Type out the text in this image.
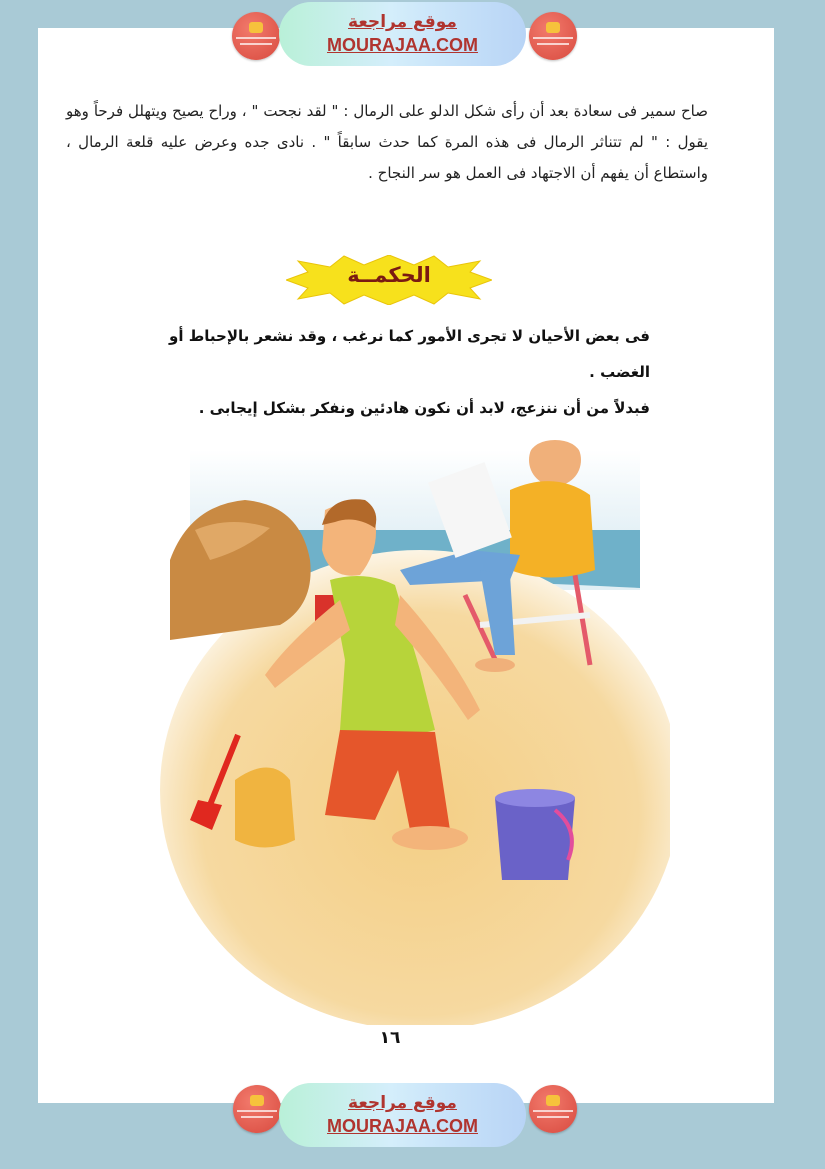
موقع مراجعة
MOURAJAA.COM
صاح سمير فى سعادة بعد أن رأى شكل الدلو على الرمال : " لقد نجحت " ، وراح يصيح ويتهلل فرحاً وهو يقول : " لم تتناثر الرمال فى هذه المرة كما حدث سابقاً " . نادى جده وعرض عليه قلعة الرمال ، واستطاع أن يفهم أن الاجتهاد فى العمل هو سر النجاح .
الحكمــة
فى بعض الأحيان لا تجرى الأمور كما نرغب ، وقد نشعر بالإحباط أو الغضب .
فبدلاً من أن ننزعج، لابد أن نكون هادئين ونفكر بشكل إيجابى .
١٦
موقع مراجعة
MOURAJAA.COM
